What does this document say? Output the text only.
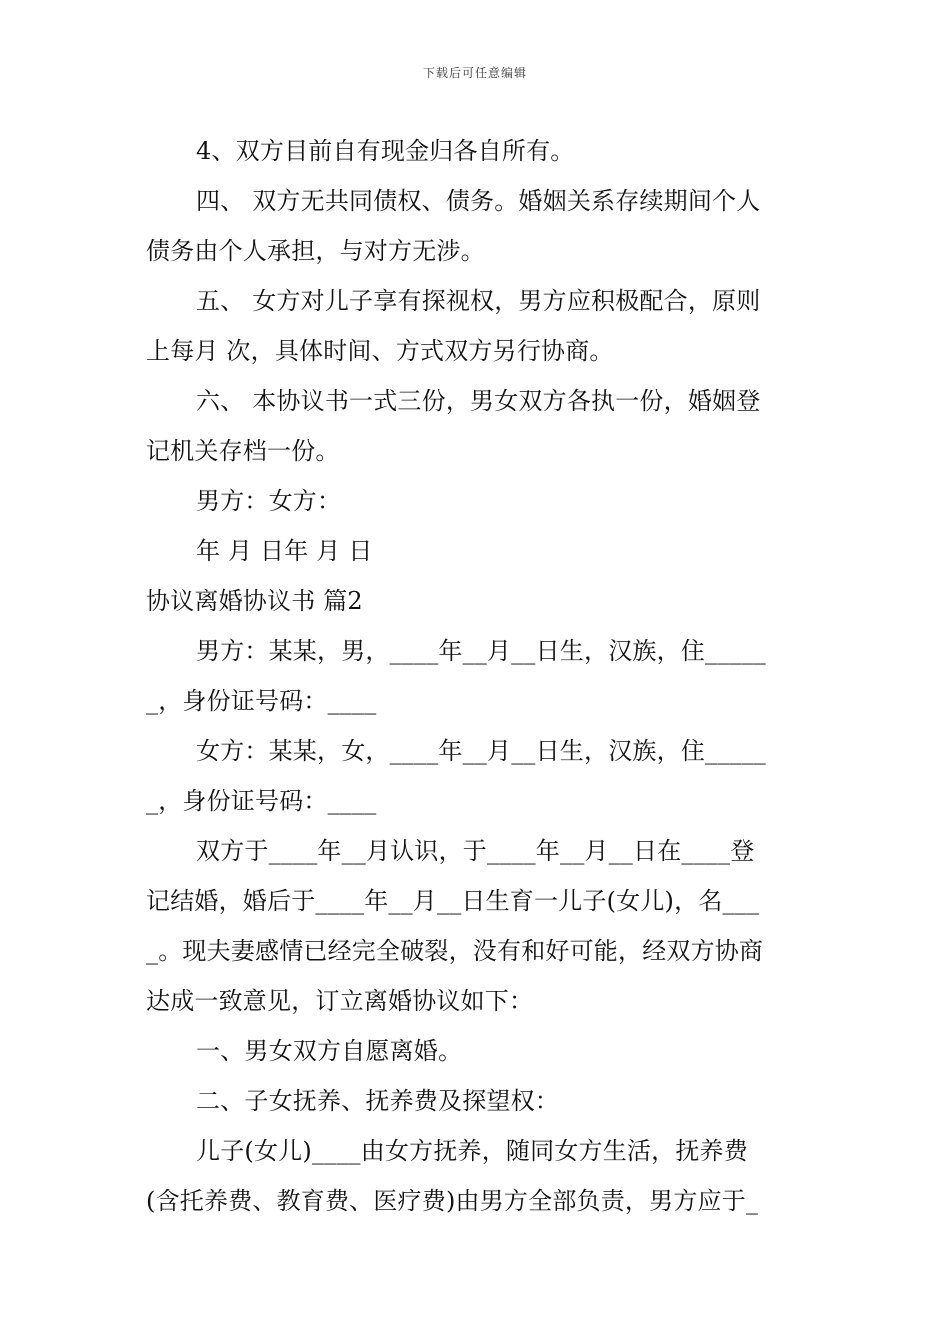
下载后可任意编辑
4、双方目前自有现金归各自所有。
四、 双方无共同债权、债务。婚姻关系存续期间个人
债务由个人承担，与对方无涉。
五、 女方对儿子享有探视权，男方应积极配合，原则
上每月 次，具体时间、方式双方另行协商。
六、 本协议书一式三份，男女双方各执一份，婚姻登
记机关存档一份。
男方：女方：
年 月 日年 月 日
协议离婚协议书 篇2
男方：某某，男，____年__月__日生，汉族，住_____
_，身份证号码：____
女方：某某，女，____年__月__日生，汉族，住_____
_，身份证号码：____
双方于____年__月认识，于____年__月__日在____登
记结婚，婚后于____年__月__日生育一儿子(女儿)，名___
_。现夫妻感情已经完全破裂，没有和好可能，经双方协商
达成一致意见，订立离婚协议如下：
一、男女双方自愿离婚。
二、子女抚养、抚养费及探望权：
儿子(女儿)____由女方抚养，随同女方生活，抚养费
(含托养费、教育费、医疗费)由男方全部负责，男方应于_
